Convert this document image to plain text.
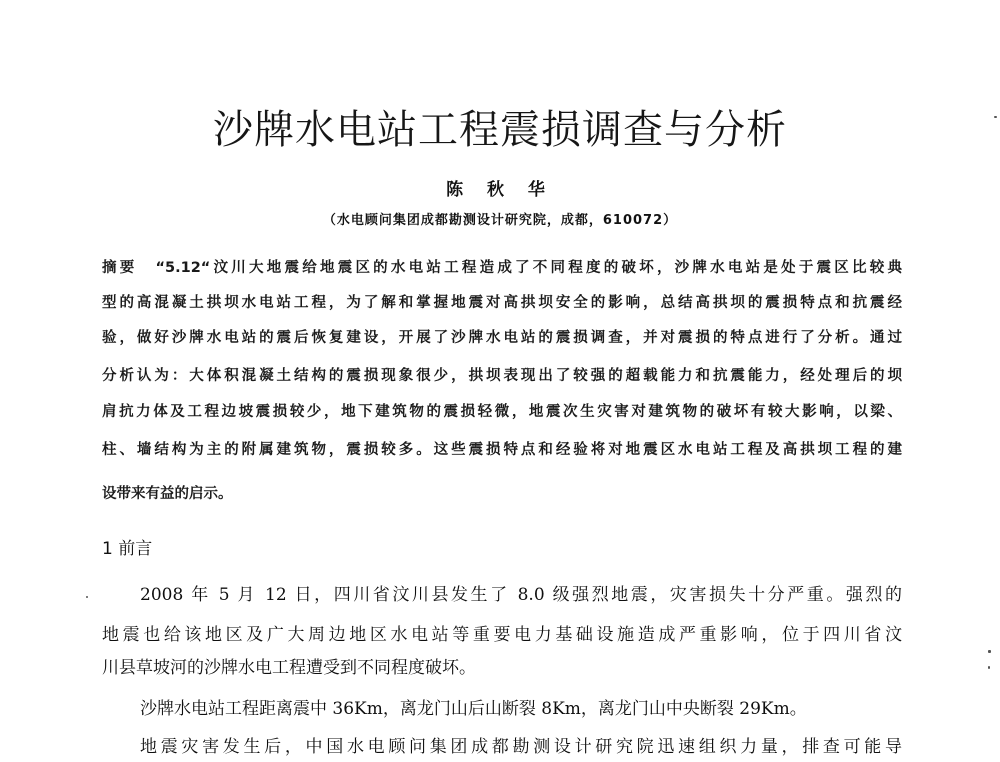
沙牌水电站工程震损调查与分析
陈 秋 华
（水电顾问集团成都勘测设计研究院，成都，610072）
摘要 “5.12“汶川大地震给地震区的水电站工程造成了不同程度的破坏，沙牌水电站是处于震区比较典
型的高混凝土拱坝水电站工程，为了解和掌握地震对高拱坝安全的影响，总结高拱坝的震损特点和抗震经
验，做好沙牌水电站的震后恢复建设，开展了沙牌水电站的震损调查，并对震损的特点进行了分析。通过
分析认为：大体积混凝土结构的震损现象很少，拱坝表现出了较强的超载能力和抗震能力，经处理后的坝
肩抗力体及工程边坡震损较少，地下建筑物的震损轻微，地震次生灾害对建筑物的破坏有较大影响，以梁、
柱、墙结构为主的附属建筑物，震损较多。这些震损特点和经验将对地震区水电站工程及高拱坝工程的建
设带来有益的启示。
1 前言
2008 年 5 月 12 日，四川省汶川县发生了 8.0 级强烈地震，灾害损失十分严重。强烈的
地震也给该地区及广大周边地区水电站等重要电力基础设施造成严重影响，位于四川省汶
川县草坡河的沙牌水电工程遭受到不同程度破坏。
沙牌水电站工程距离震中 36Km，离龙门山后山断裂 8Km，离龙门山中央断裂 29Km。
地震灾害发生后，中国水电顾问集团成都勘测设计研究院迅速组织力量，排查可能导
